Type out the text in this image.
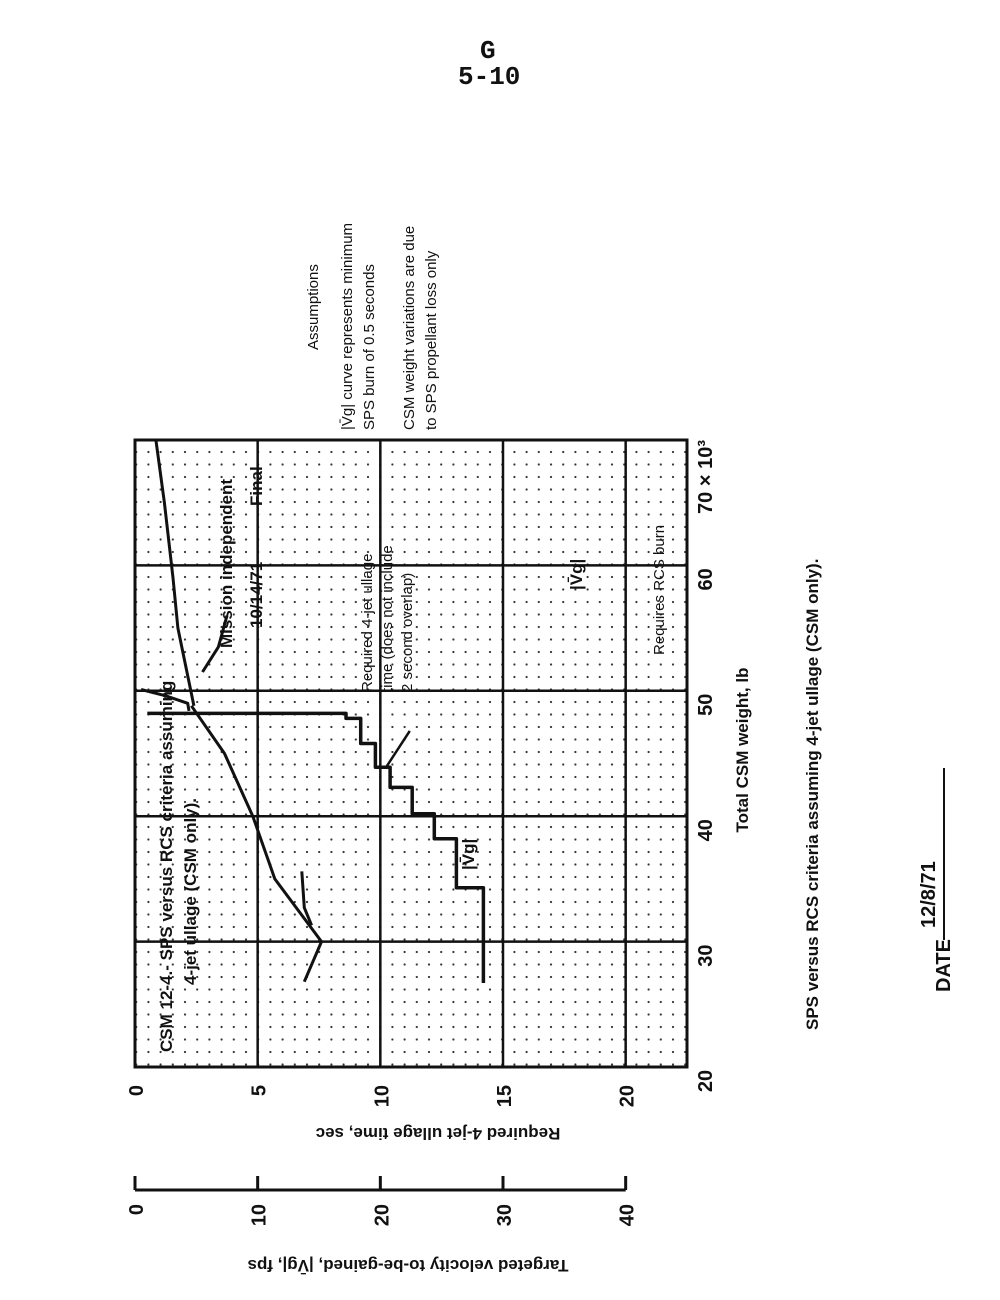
G
5-10
20
30
40
50
60
70 × 10³
0	5	10	15	20
0	10	20	30	40
Targeted velocity to-be-gained, |V̄g|, fps
Required 4-jet ullage time, sec
Total CSM weight, lb
CSM 12-4.- SPS versus RCS criteria assuming 4-jet ullage (CSM only).
Mission independent 10/14/71
Final
|V̄g|
|V̄g|	Requires RCS burn
Required 4-jet ullage time (does not include 2 second overlap)
Assumptions |V̄g| curve represents minimum SPS burn of 0.5 seconds CSM weight variations are due to SPS propellant loss only
SPS versus RCS criteria assuming 4-jet ullage (CSM only).	DATE
12/8/71
